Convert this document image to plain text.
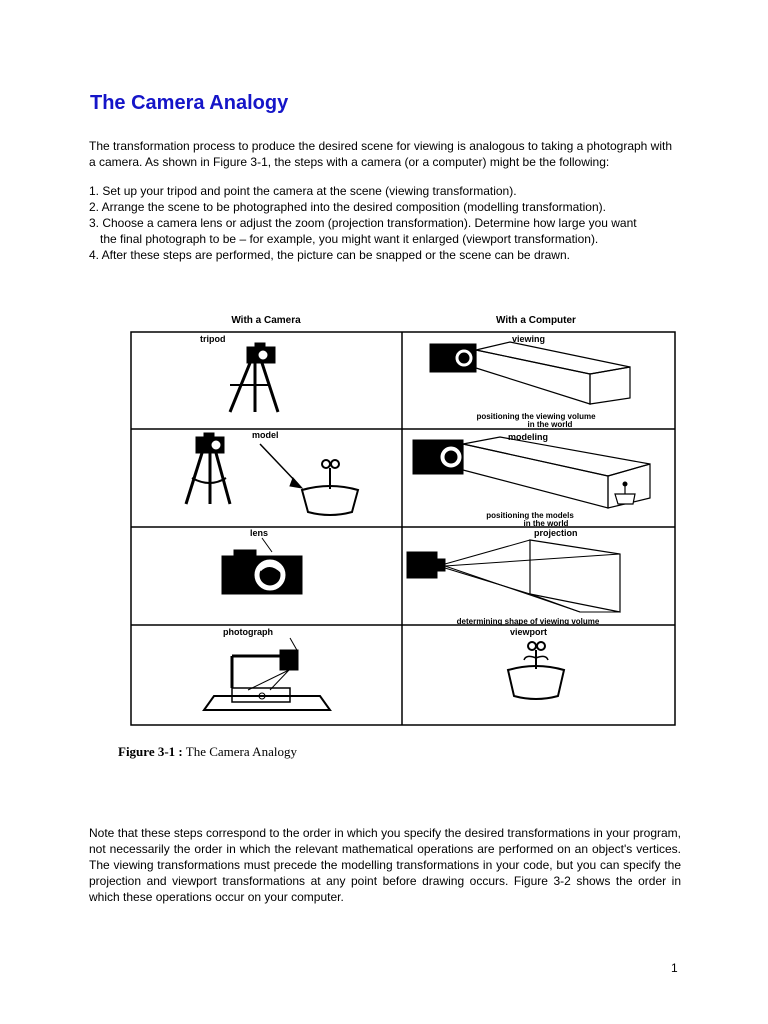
The Camera Analogy

The transformation process to produce the desired scene for viewing is analogous to taking a photograph with a camera. As shown in Figure 3-1, the steps with a camera (or a computer) might be the following:

1. Set up your tripod and point the camera at the scene (viewing transformation).
2. Arrange the scene to be photographed into the desired composition (modelling transformation).
3. Choose a camera lens or adjust the zoom (projection transformation). Determine how large you want
the final photograph to be – for example, you might want it enlarged (viewport transformation).
4. After these steps are performed, the picture can be snapped or the scene can be drawn.
With a Camera	With a Computer
tripod	viewing
positioning the viewing volume
in the world
model	modeling
positioning the models
in the world
lens	projection
determining shape of viewing volume
photograph	viewport

Figure 3-1 : The Camera Analogy

Note that these steps correspond to the order in which you specify the desired transformations in your program, not necessarily the order in which the relevant mathematical operations are performed on an object's vertices. The viewing transformations must precede the modelling transformations in your code, but you can specify the projection and viewport transformations at any point before drawing occurs. Figure 3-2 shows the order in which these operations occur on your computer.

1
